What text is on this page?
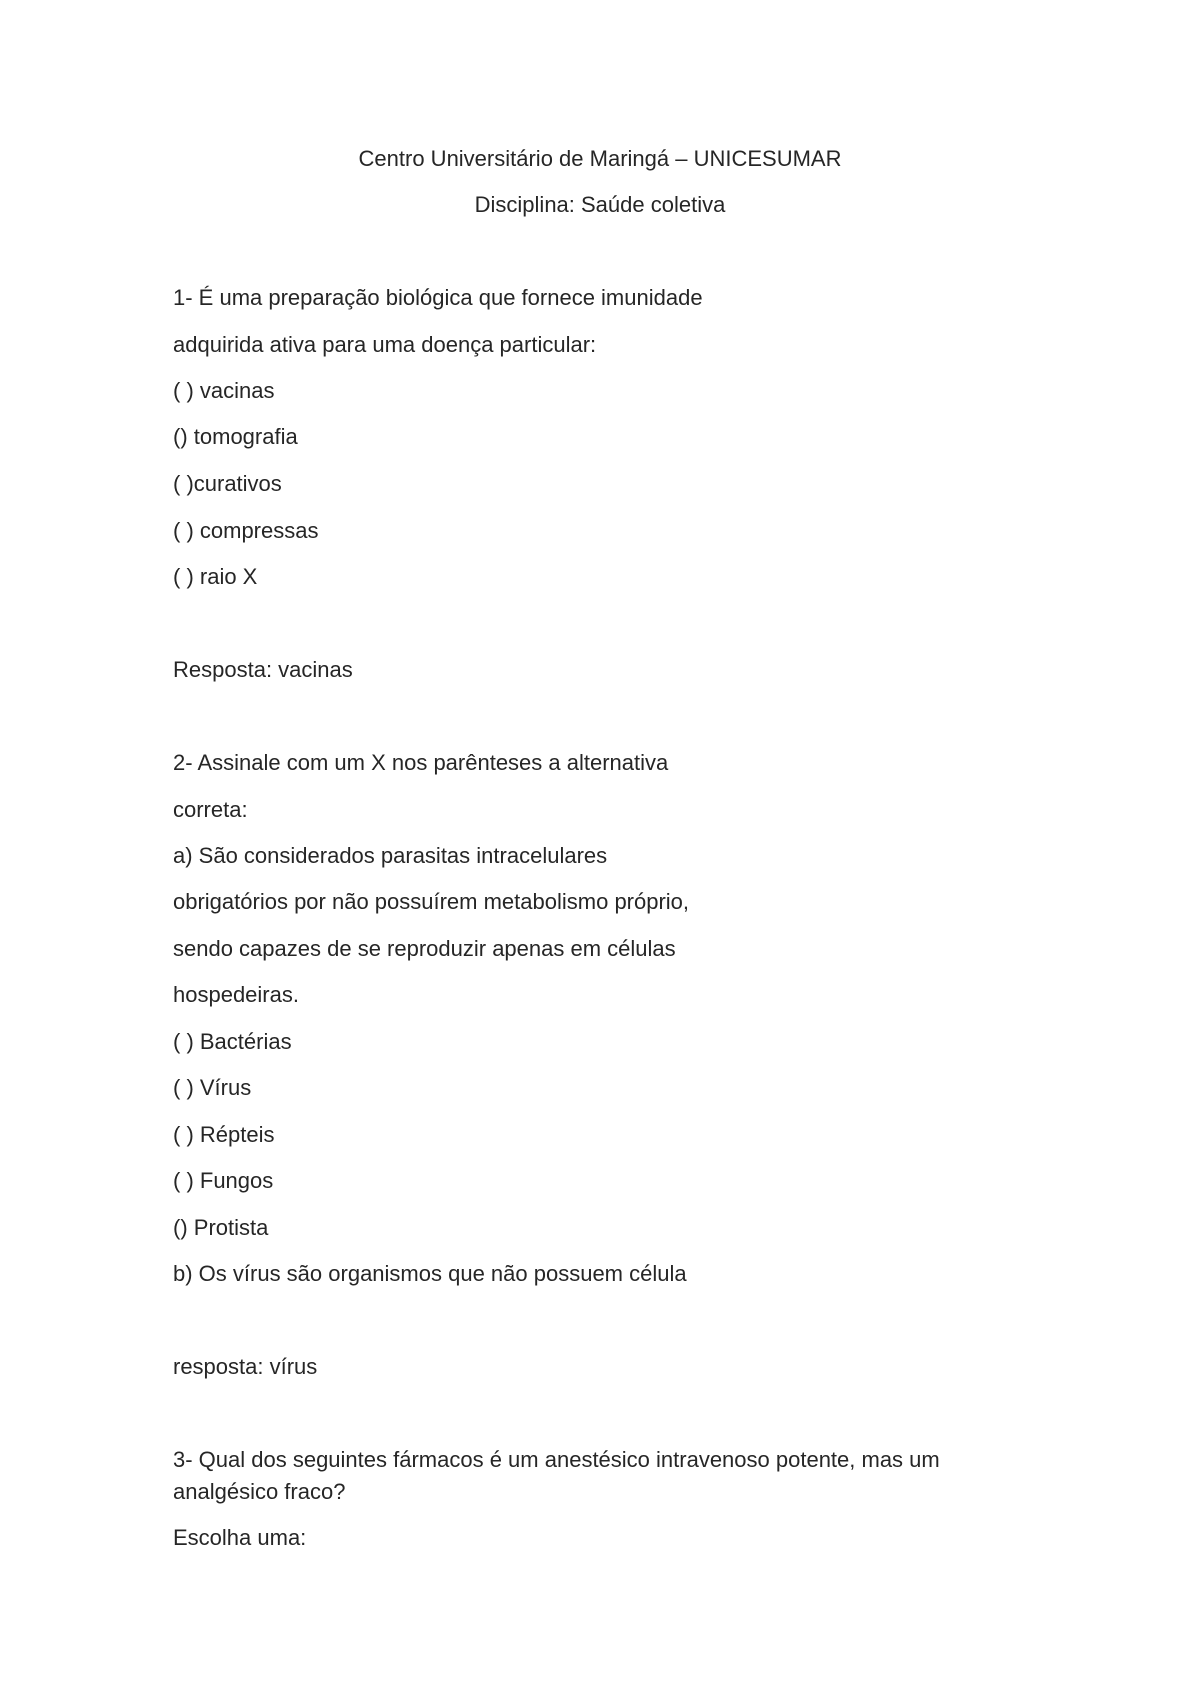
Centro Universitário de Maringá – UNICESUMAR

Disciplina: Saúde coletiva

1- É uma preparação biológica que fornece imunidade

adquirida ativa para uma doença particular:

( ) vacinas

() tomografia

( )curativos

( ) compressas

( ) raio X

Resposta: vacinas

2- Assinale com um X nos parênteses a alternativa

correta:

a) São considerados parasitas intracelulares

obrigatórios por não possuírem metabolismo próprio,

sendo capazes de se reproduzir apenas em células

hospedeiras.

( ) Bactérias

( ) Vírus

( ) Répteis

( ) Fungos

() Protista

b) Os vírus são organismos que não possuem célula

resposta: vírus

3- Qual dos seguintes fármacos é um anestésico intravenoso potente, mas um

analgésico fraco?

Escolha uma:
